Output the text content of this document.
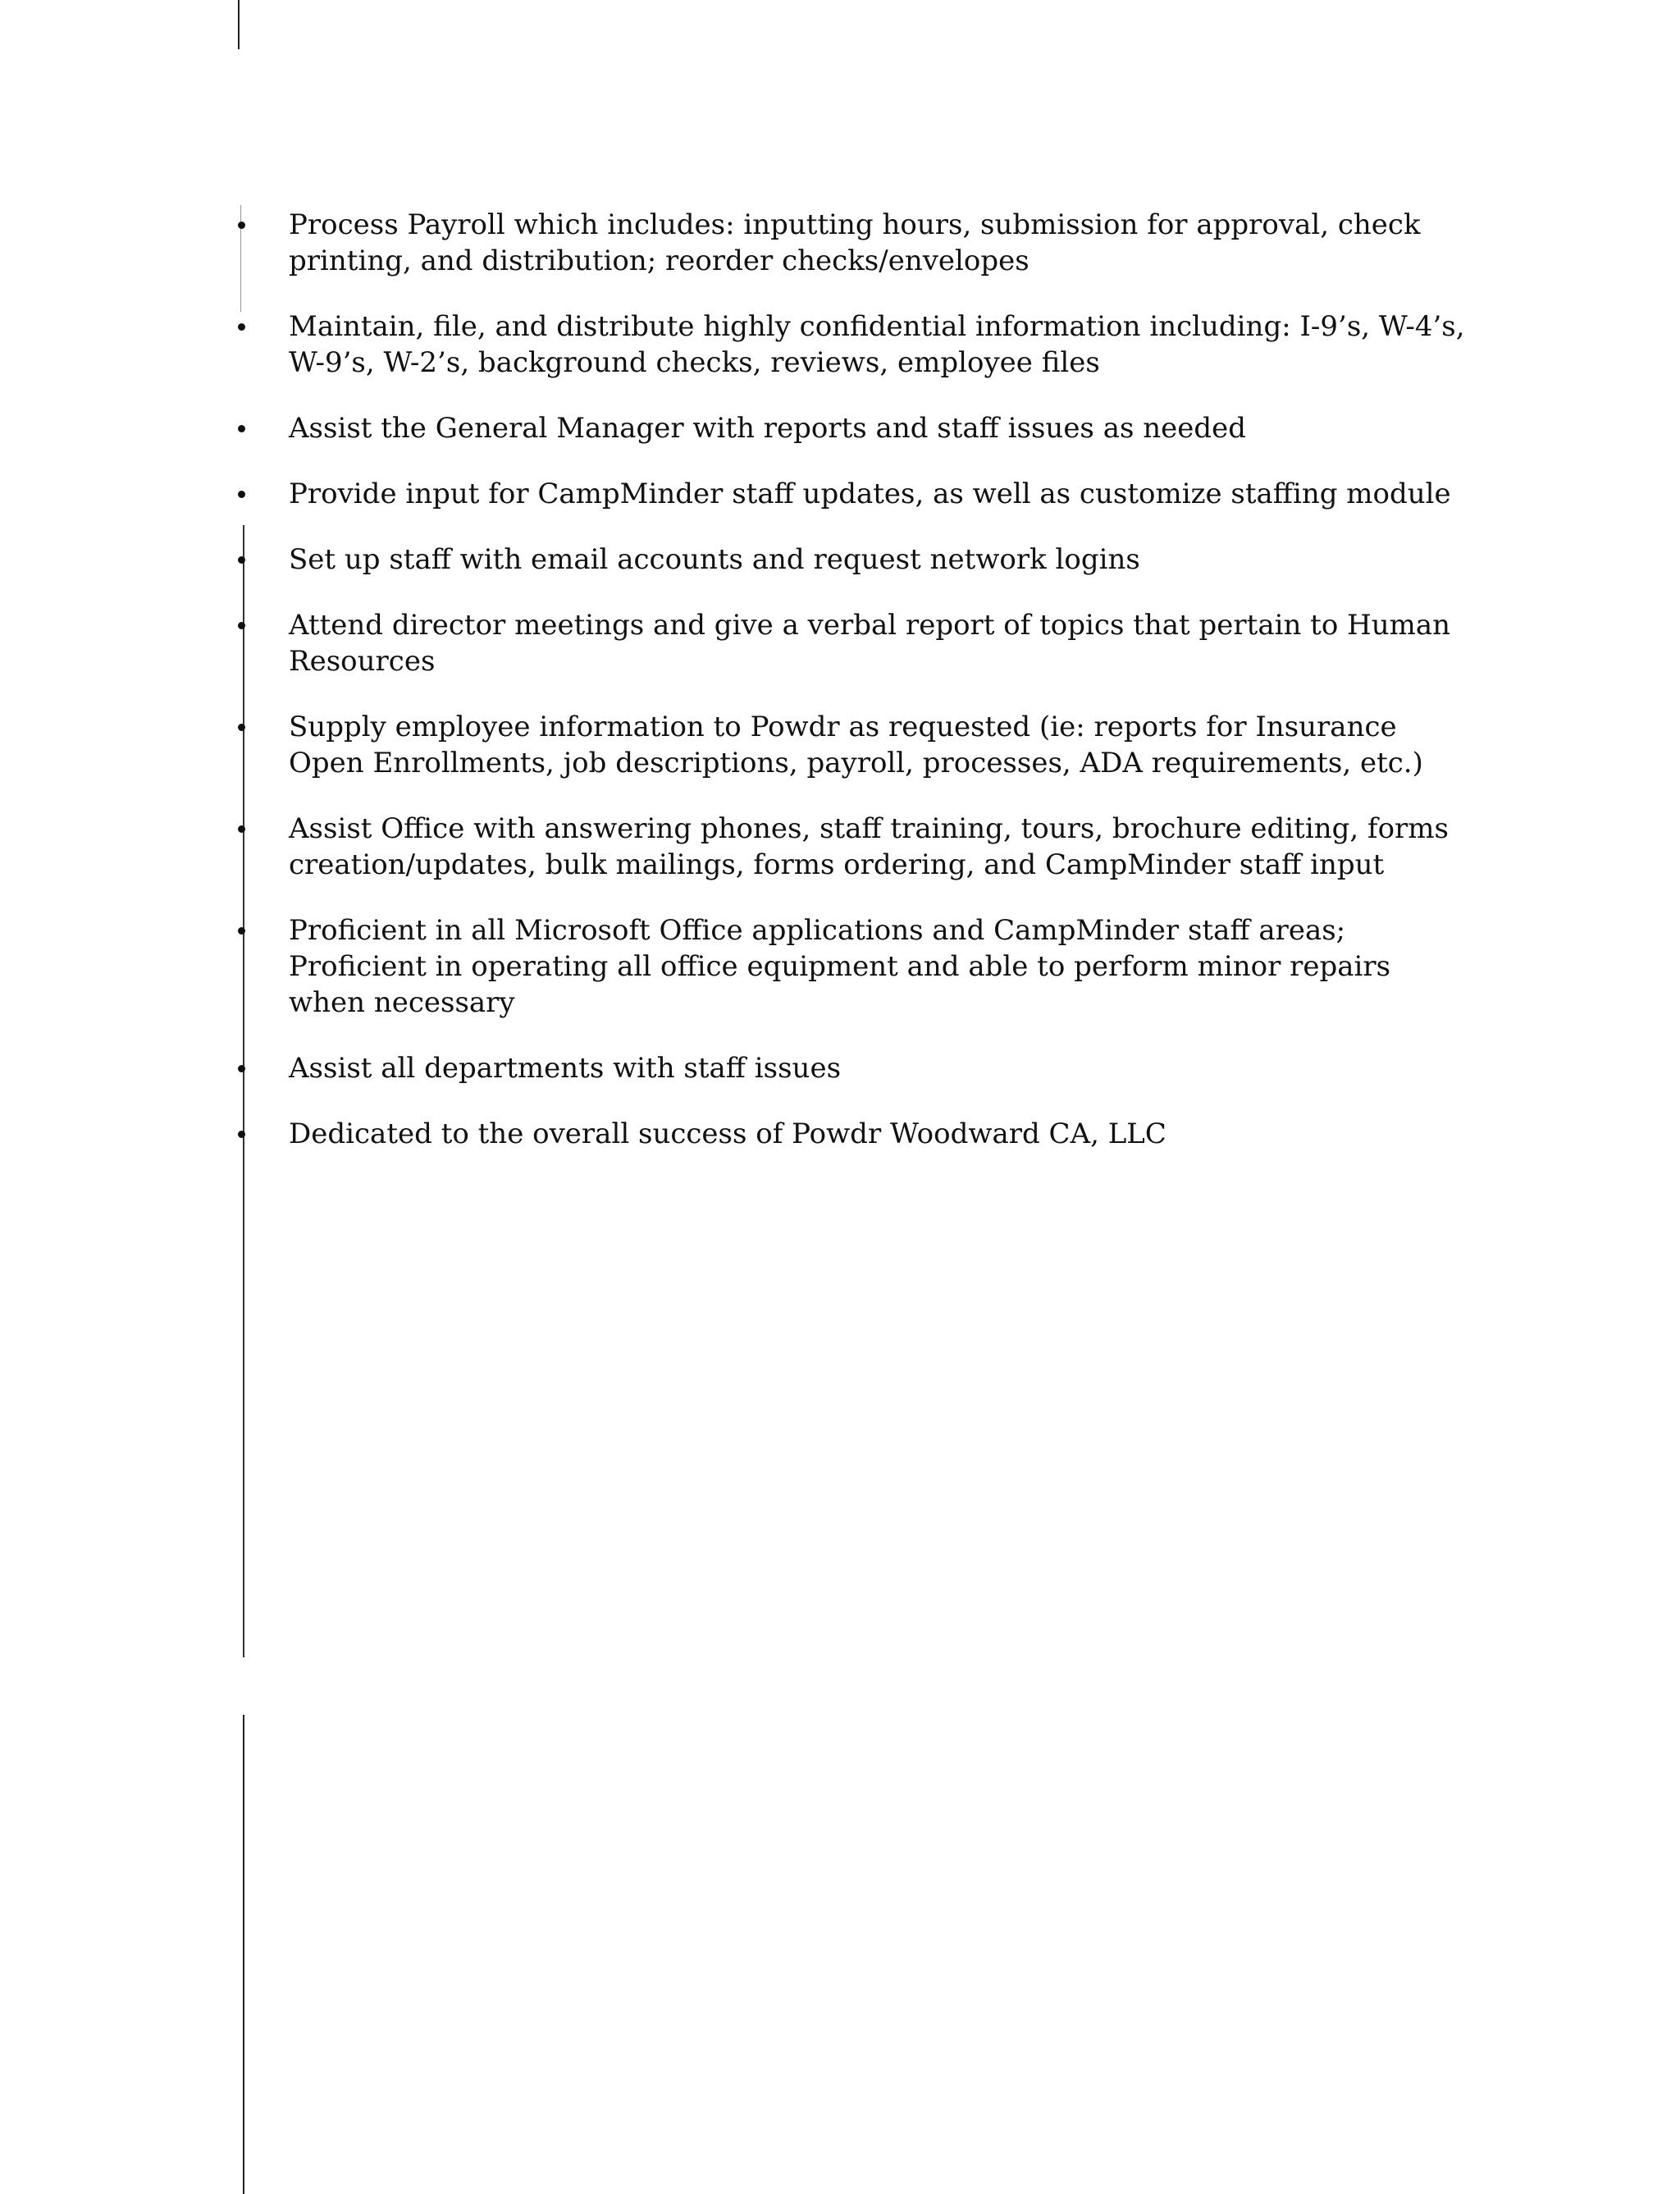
Process Payroll which includes: inputting hours, submission for approval, check printing, and distribution; reorder checks/envelopes
Maintain, file, and distribute highly confidential information including: I-9’s, W-4’s, W-9’s, W-2’s, background checks, reviews, employee files
Assist the General Manager with reports and staff issues as needed
Provide input for CampMinder staff updates, as well as customize staffing module
Set up staff with email accounts and request network logins
Attend director meetings and give a verbal report of topics that pertain to Human Resources
Supply employee information to Powdr as requested (ie: reports for Insurance Open Enrollments, job descriptions, payroll, processes, ADA requirements, etc.)
Assist Office with answering phones, staff training, tours, brochure editing, forms creation/updates, bulk mailings, forms ordering, and CampMinder staff input
Proficient in all Microsoft Office applications and CampMinder staff areas; Proficient in operating all office equipment and able to perform minor repairs when necessary
Assist all departments with staff issues
Dedicated to the overall success of Powdr Woodward CA, LLC
